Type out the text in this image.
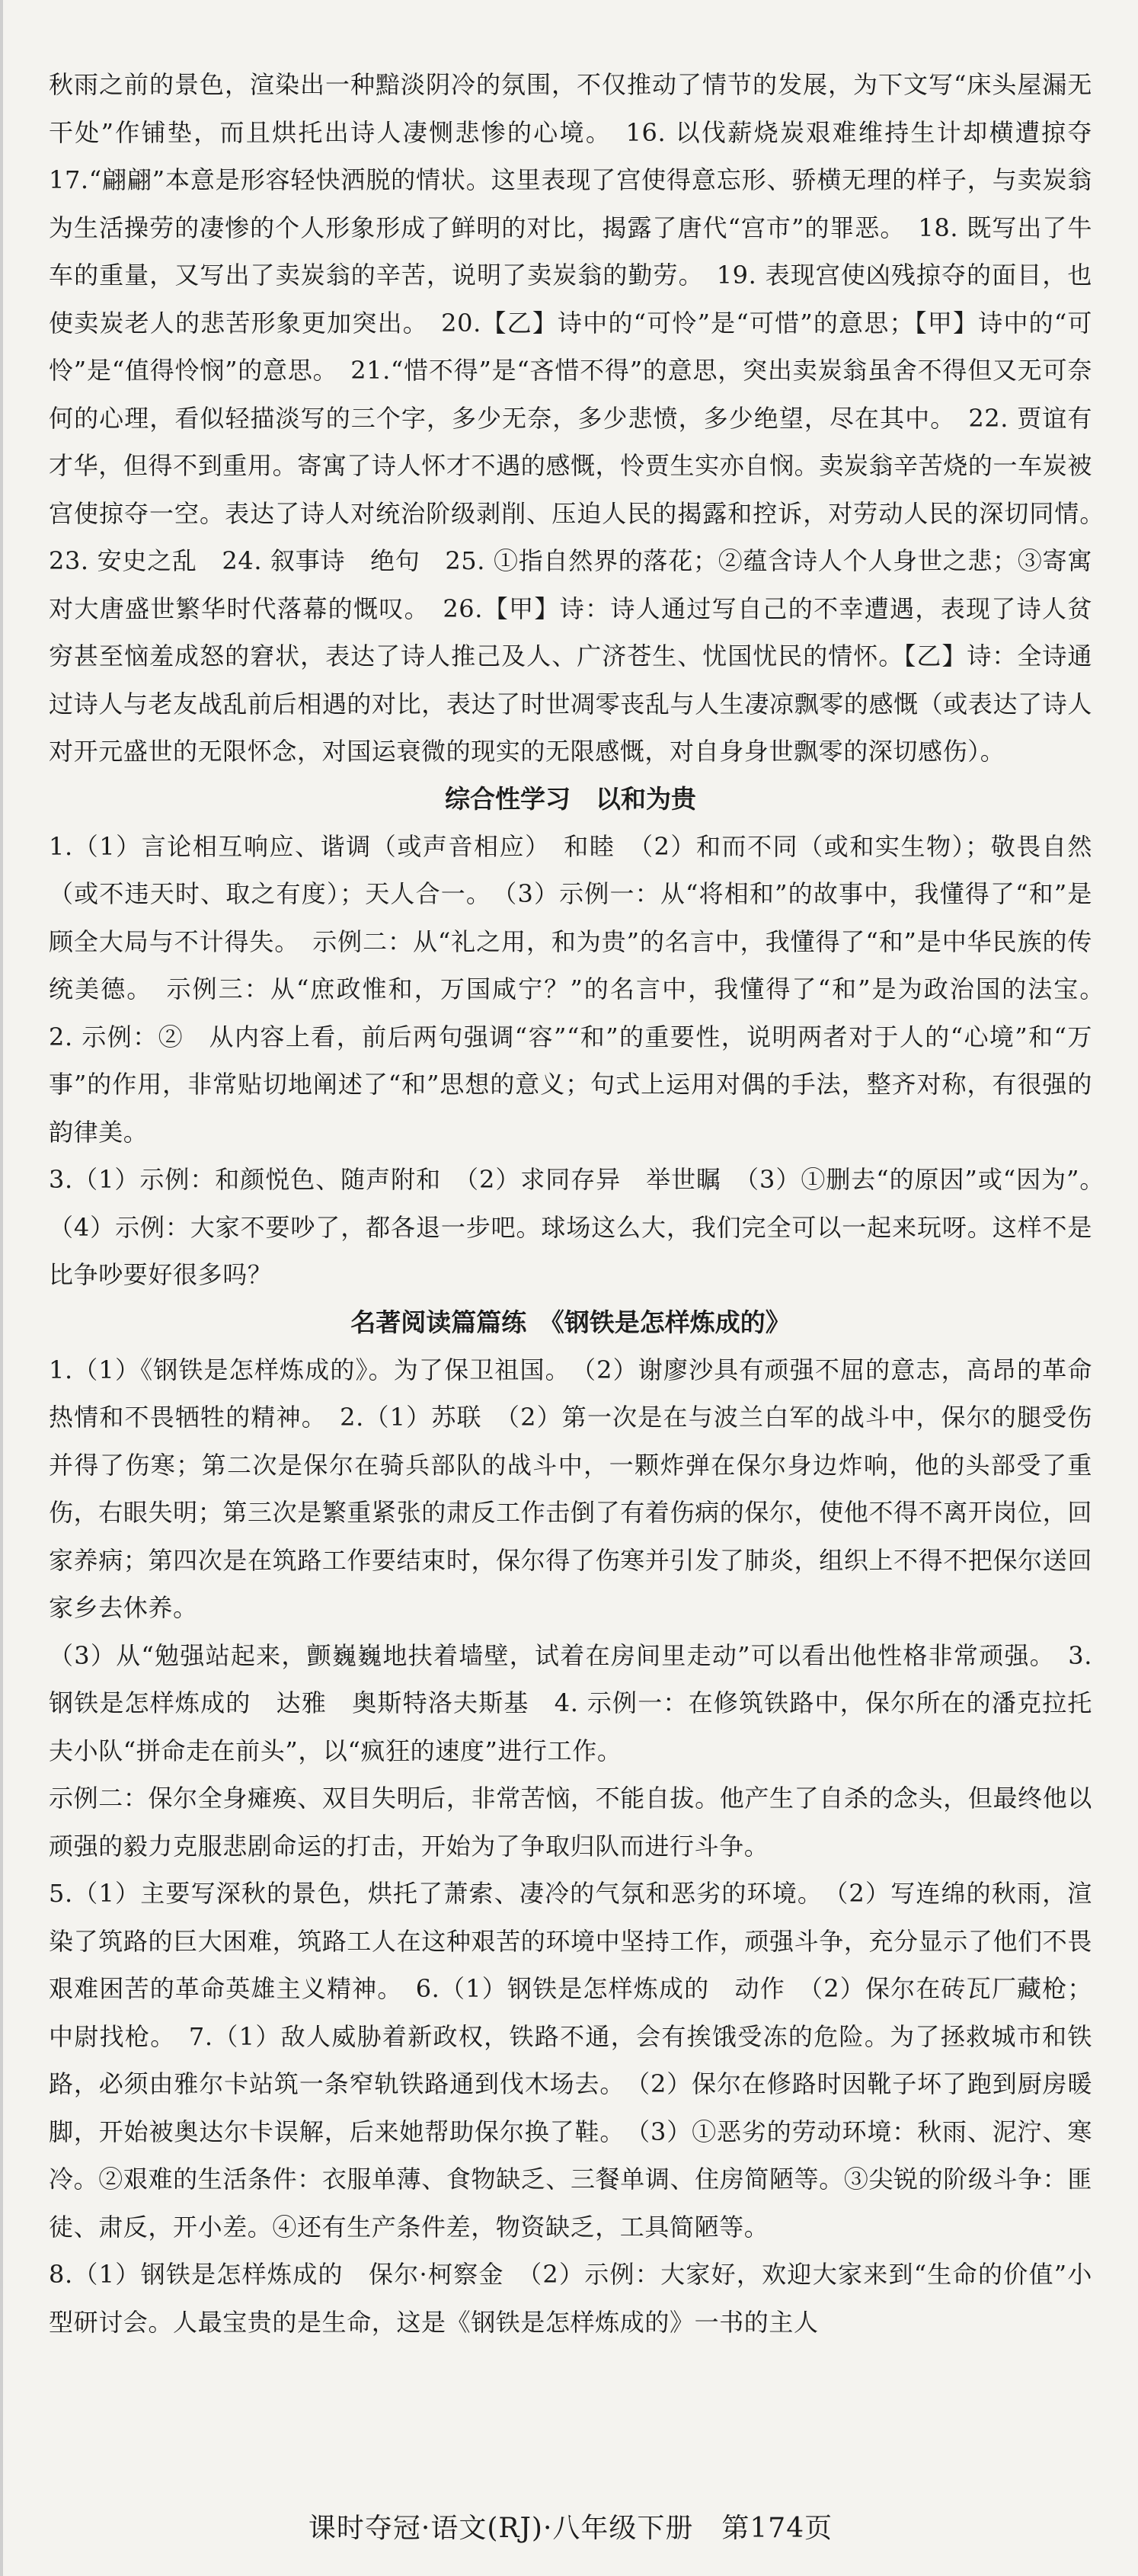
秋雨之前的景色，渲染出一种黯淡阴冷的氛围，不仅推动了情节的发展，为下文写“床头屋漏无干处”作铺垫，而且烘托出诗人凄恻悲惨的心境。　16. 以伐薪烧炭艰难维持生计却横遭掠夺　17.“翩翩”本意是形容轻快洒脱的情状。这里表现了宫使得意忘形、骄横无理的样子，与卖炭翁为生活操劳的凄惨的个人形象形成了鲜明的对比，揭露了唐代“宫市”的罪恶。　18. 既写出了牛车的重量，又写出了卖炭翁的辛苦，说明了卖炭翁的勤劳。　19. 表现宫使凶残掠夺的面目，也使卖炭老人的悲苦形象更加突出。　20.【乙】诗中的“可怜”是“可惜”的意思；【甲】诗中的“可怜”是“值得怜悯”的意思。　21.“惜不得”是“吝惜不得”的意思，突出卖炭翁虽舍不得但又无可奈何的心理，看似轻描淡写的三个字，多少无奈，多少悲愤，多少绝望，尽在其中。　22. 贾谊有才华，但得不到重用。寄寓了诗人怀才不遇的感慨，怜贾生实亦自悯。卖炭翁辛苦烧的一车炭被宫使掠夺一空。表达了诗人对统治阶级剥削、压迫人民的揭露和控诉，对劳动人民的深切同情。　23. 安史之乱　24. 叙事诗　绝句　25. ①指自然界的落花；②蕴含诗人个人身世之悲；③寄寓对大唐盛世繁华时代落幕的慨叹。　26.【甲】诗：诗人通过写自己的不幸遭遇，表现了诗人贫穷甚至恼羞成怒的窘状，表达了诗人推己及人、广济苍生、忧国忧民的情怀。【乙】诗：全诗通过诗人与老友战乱前后相遇的对比，表达了时世凋零丧乱与人生凄凉飘零的感慨（或表达了诗人对开元盛世的无限怀念，对国运衰微的现实的无限感慨，对自身身世飘零的深切感伤）。

综合性学习　以和为贵

1.（1）言论相互响应、谐调（或声音相应）　和睦　（2）和而不同（或和实生物）；敬畏自然（或不违天时、取之有度）；天人合一。　（3）示例一：从“将相和”的故事中，我懂得了“和”是顾全大局与不计得失。　示例二：从“礼之用，和为贵”的名言中，我懂得了“和”是中华民族的传统美德。　示例三：从“庶政惟和，万国咸宁？”的名言中，我懂得了“和”是为政治国的法宝。　2. 示例：②　从内容上看，前后两句强调“容”“和”的重要性，说明两者对于人的“心境”和“万事”的作用，非常贴切地阐述了“和”思想的意义；句式上运用对偶的手法，整齐对称，有很强的韵律美。

3.（1）示例：和颜悦色、随声附和　（2）求同存异　举世瞩　（3）①删去“的原因”或“因为”。　（4）示例：大家不要吵了，都各退一步吧。球场这么大，我们完全可以一起来玩呀。这样不是比争吵要好很多吗？

名著阅读篇篇练　《钢铁是怎样炼成的》

1.（1）《钢铁是怎样炼成的》。为了保卫祖国。　（2）谢廖沙具有顽强不屈的意志，高昂的革命热情和不畏牺牲的精神。　2.（1）苏联　（2）第一次是在与波兰白军的战斗中，保尔的腿受伤并得了伤寒；第二次是保尔在骑兵部队的战斗中，一颗炸弹在保尔身边炸响，他的头部受了重伤，右眼失明；第三次是繁重紧张的肃反工作击倒了有着伤病的保尔，使他不得不离开岗位，回家养病；第四次是在筑路工作要结束时，保尔得了伤寒并引发了肺炎，组织上不得不把保尔送回家乡去休养。

（3）从“勉强站起来，颤巍巍地扶着墙壁，试着在房间里走动”可以看出他性格非常顽强。　3. 钢铁是怎样炼成的　达雅　奥斯特洛夫斯基　4. 示例一：在修筑铁路中，保尔所在的潘克拉托夫小队“拼命走在前头”，以“疯狂的速度”进行工作。

示例二：保尔全身瘫痪、双目失明后，非常苦恼，不能自拔。他产生了自杀的念头，但最终他以顽强的毅力克服悲剧命运的打击，开始为了争取归队而进行斗争。

5.（1）主要写深秋的景色，烘托了萧索、凄冷的气氛和恶劣的环境。　（2）写连绵的秋雨，渲染了筑路的巨大困难，筑路工人在这种艰苦的环境中坚持工作，顽强斗争，充分显示了他们不畏艰难困苦的革命英雄主义精神。　6.（1）钢铁是怎样炼成的　动作　（2）保尔在砖瓦厂藏枪；中尉找枪。　7.（1）敌人威胁着新政权，铁路不通，会有挨饿受冻的危险。为了拯救城市和铁路，必须由雅尔卡站筑一条窄轨铁路通到伐木场去。　（2）保尔在修路时因靴子坏了跑到厨房暖脚，开始被奥达尔卡误解，后来她帮助保尔换了鞋。　（3）①恶劣的劳动环境：秋雨、泥泞、寒冷。②艰难的生活条件：衣服单薄、食物缺乏、三餐单调、住房简陋等。③尖锐的阶级斗争：匪徒、肃反，开小差。④还有生产条件差，物资缺乏，工具简陋等。

8.（1）钢铁是怎样炼成的　保尔·柯察金　（2）示例：大家好，欢迎大家来到“生命的价值”小型研讨会。人最宝贵的是生命，这是《钢铁是怎样炼成的》一书的主人

课时夺冠·语文(RJ)·八年级下册　第174页
